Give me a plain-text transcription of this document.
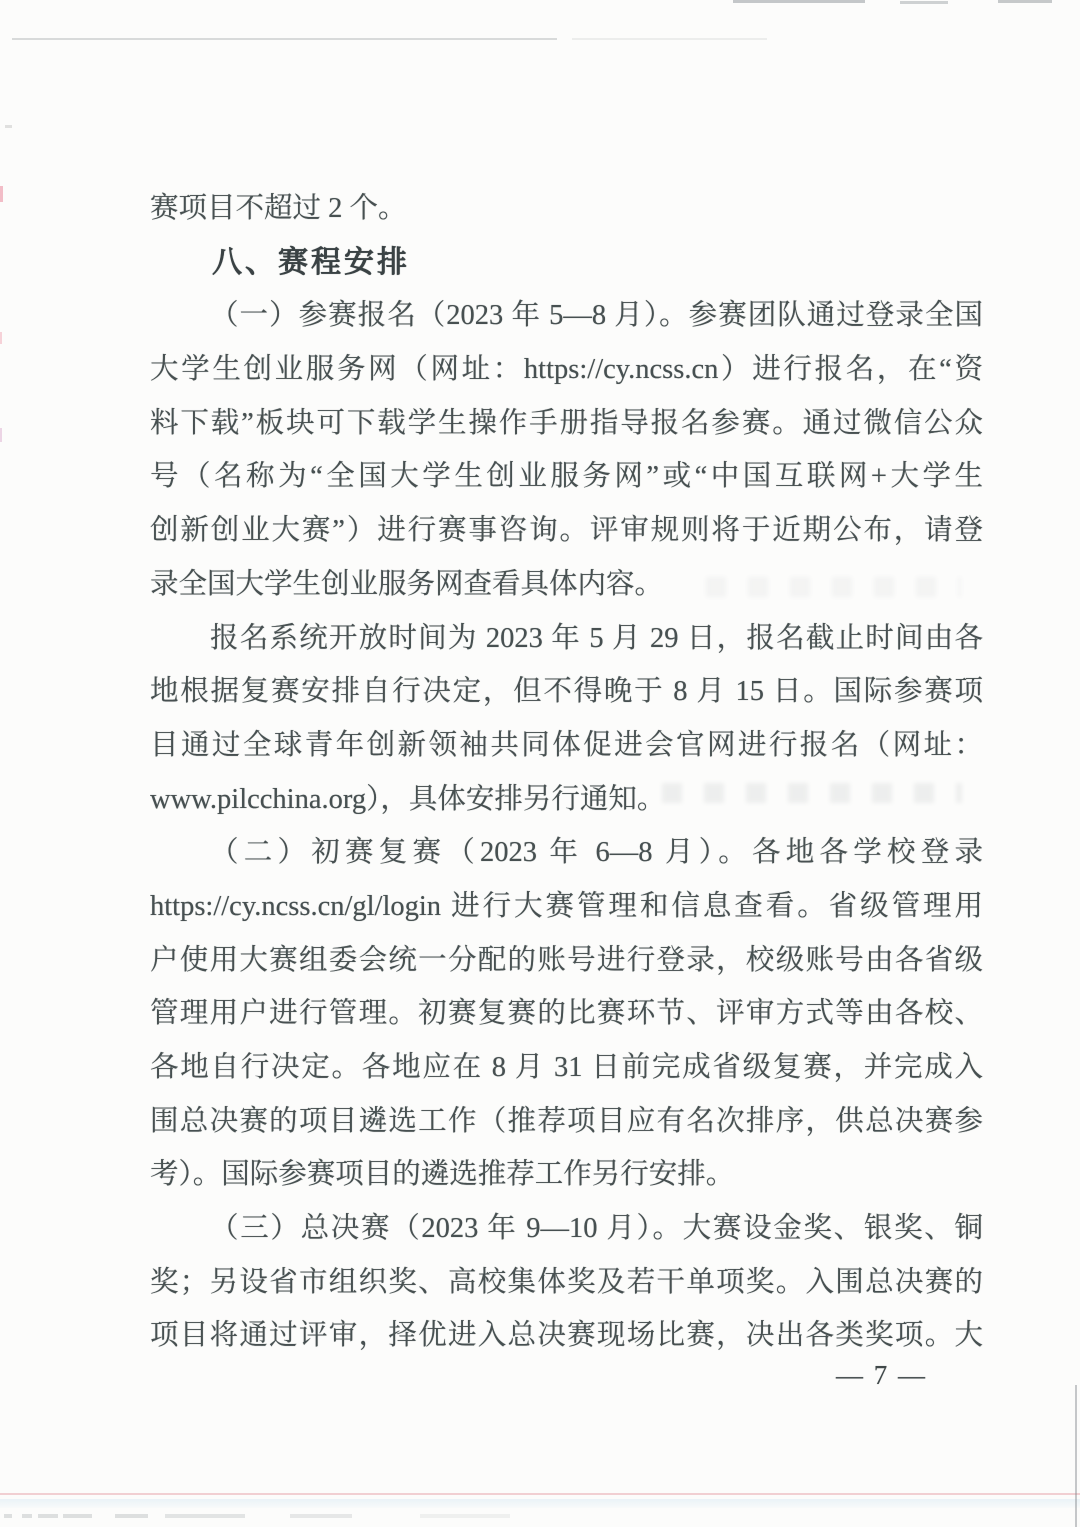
赛项目不超过 2 个。
八、赛程安排
（一）参赛报名（2023 年 5—8 月）。参赛团队通过登录全国
大学生创业服务网（网址：https://cy.ncss.cn）进行报名，在“资
料下载”板块可下载学生操作手册指导报名参赛。通过微信公众
号（名称为“全国大学生创业服务网”或“中国互联网+大学生
创新创业大赛”）进行赛事咨询。评审规则将于近期公布，请登
录全国大学生创业服务网查看具体内容。
报名系统开放时间为 2023 年 5 月 29 日，报名截止时间由各
地根据复赛安排自行决定，但不得晚于 8 月 15 日。国际参赛项
目通过全球青年创新领袖共同体促进会官网进行报名（网址：
www.pilcchina.org），具体安排另行通知。
（二）初赛复赛（2023 年 6—8 月）。各地各学校登录
https://cy.ncss.cn/gl/login 进行大赛管理和信息查看。省级管理用
户使用大赛组委会统一分配的账号进行登录，校级账号由各省级
管理用户进行管理。初赛复赛的比赛环节、评审方式等由各校、
各地自行决定。各地应在 8 月 31 日前完成省级复赛，并完成入
围总决赛的项目遴选工作（推荐项目应有名次排序，供总决赛参
考）。国际参赛项目的遴选推荐工作另行安排。
（三）总决赛（2023 年 9—10 月）。大赛设金奖、银奖、铜
奖；另设省市组织奖、高校集体奖及若干单项奖。入围总决赛的
项目将通过评审，择优进入总决赛现场比赛，决出各类奖项。大
— 7 —
